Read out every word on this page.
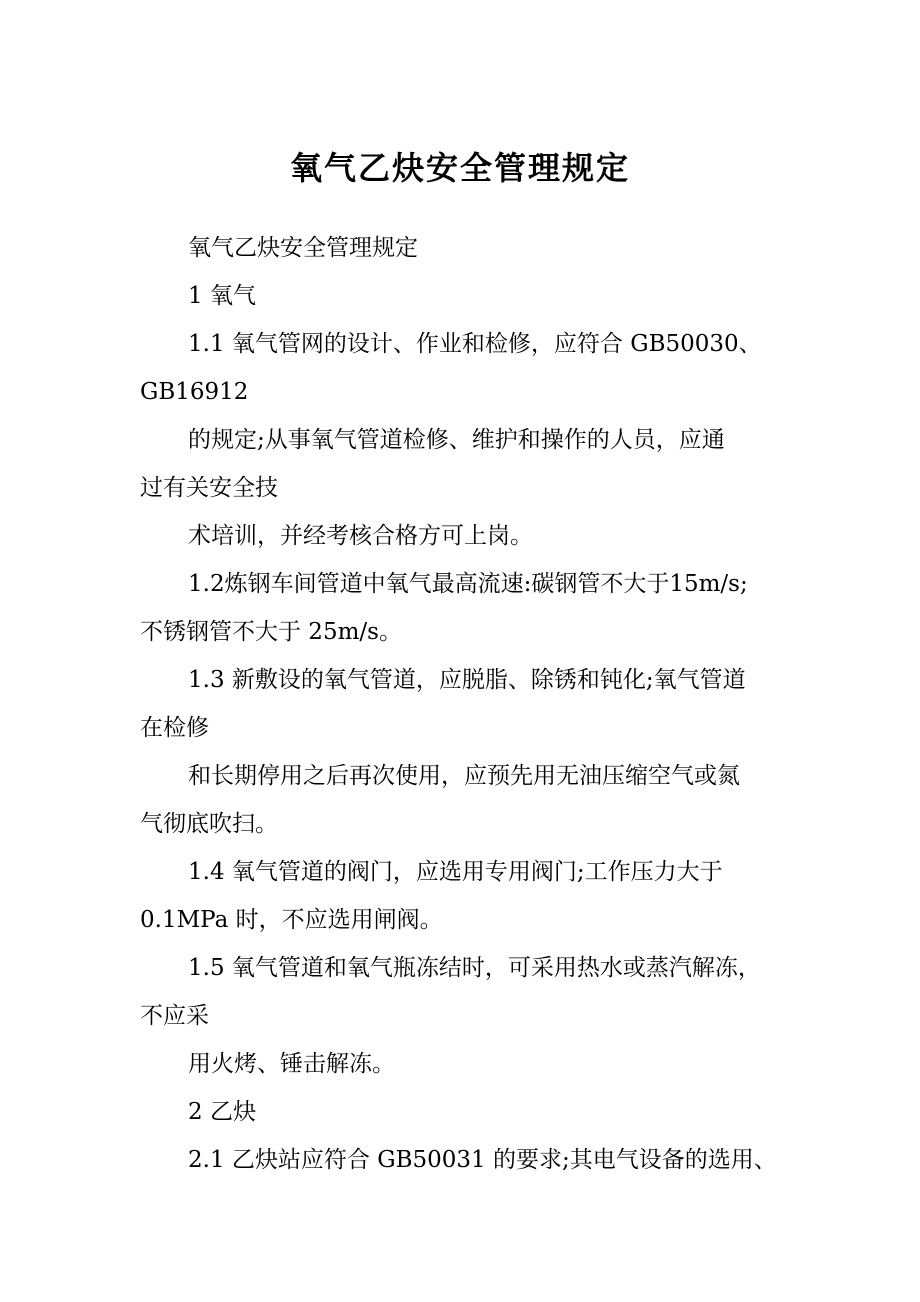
氧气乙炔安全管理规定
氧气乙炔安全管理规定
1 氧气
1.1 氧气管网的设计、作业和检修，应符合 GB50030、
GB16912
的规定;从事氧气管道检修、维护和操作的人员，应通
过有关安全技
术培训，并经考核合格方可上岗。
1.2炼钢车间管道中氧气最高流速:碳钢管不大于15m/s;
不锈钢管不大于 25m/s。
1.3 新敷设的氧气管道，应脱脂、除锈和钝化;氧气管道
在检修
和长期停用之后再次使用，应预先用无油压缩空气或氮
气彻底吹扫。
1.4 氧气管道的阀门，应选用专用阀门;工作压力大于
0.1MPa 时，不应选用闸阀。
1.5 氧气管道和氧气瓶冻结时，可采用热水或蒸汽解冻，
不应采
用火烤、锤击解冻。
2 乙炔
2.1 乙炔站应符合 GB50031 的要求;其电气设备的选用、
